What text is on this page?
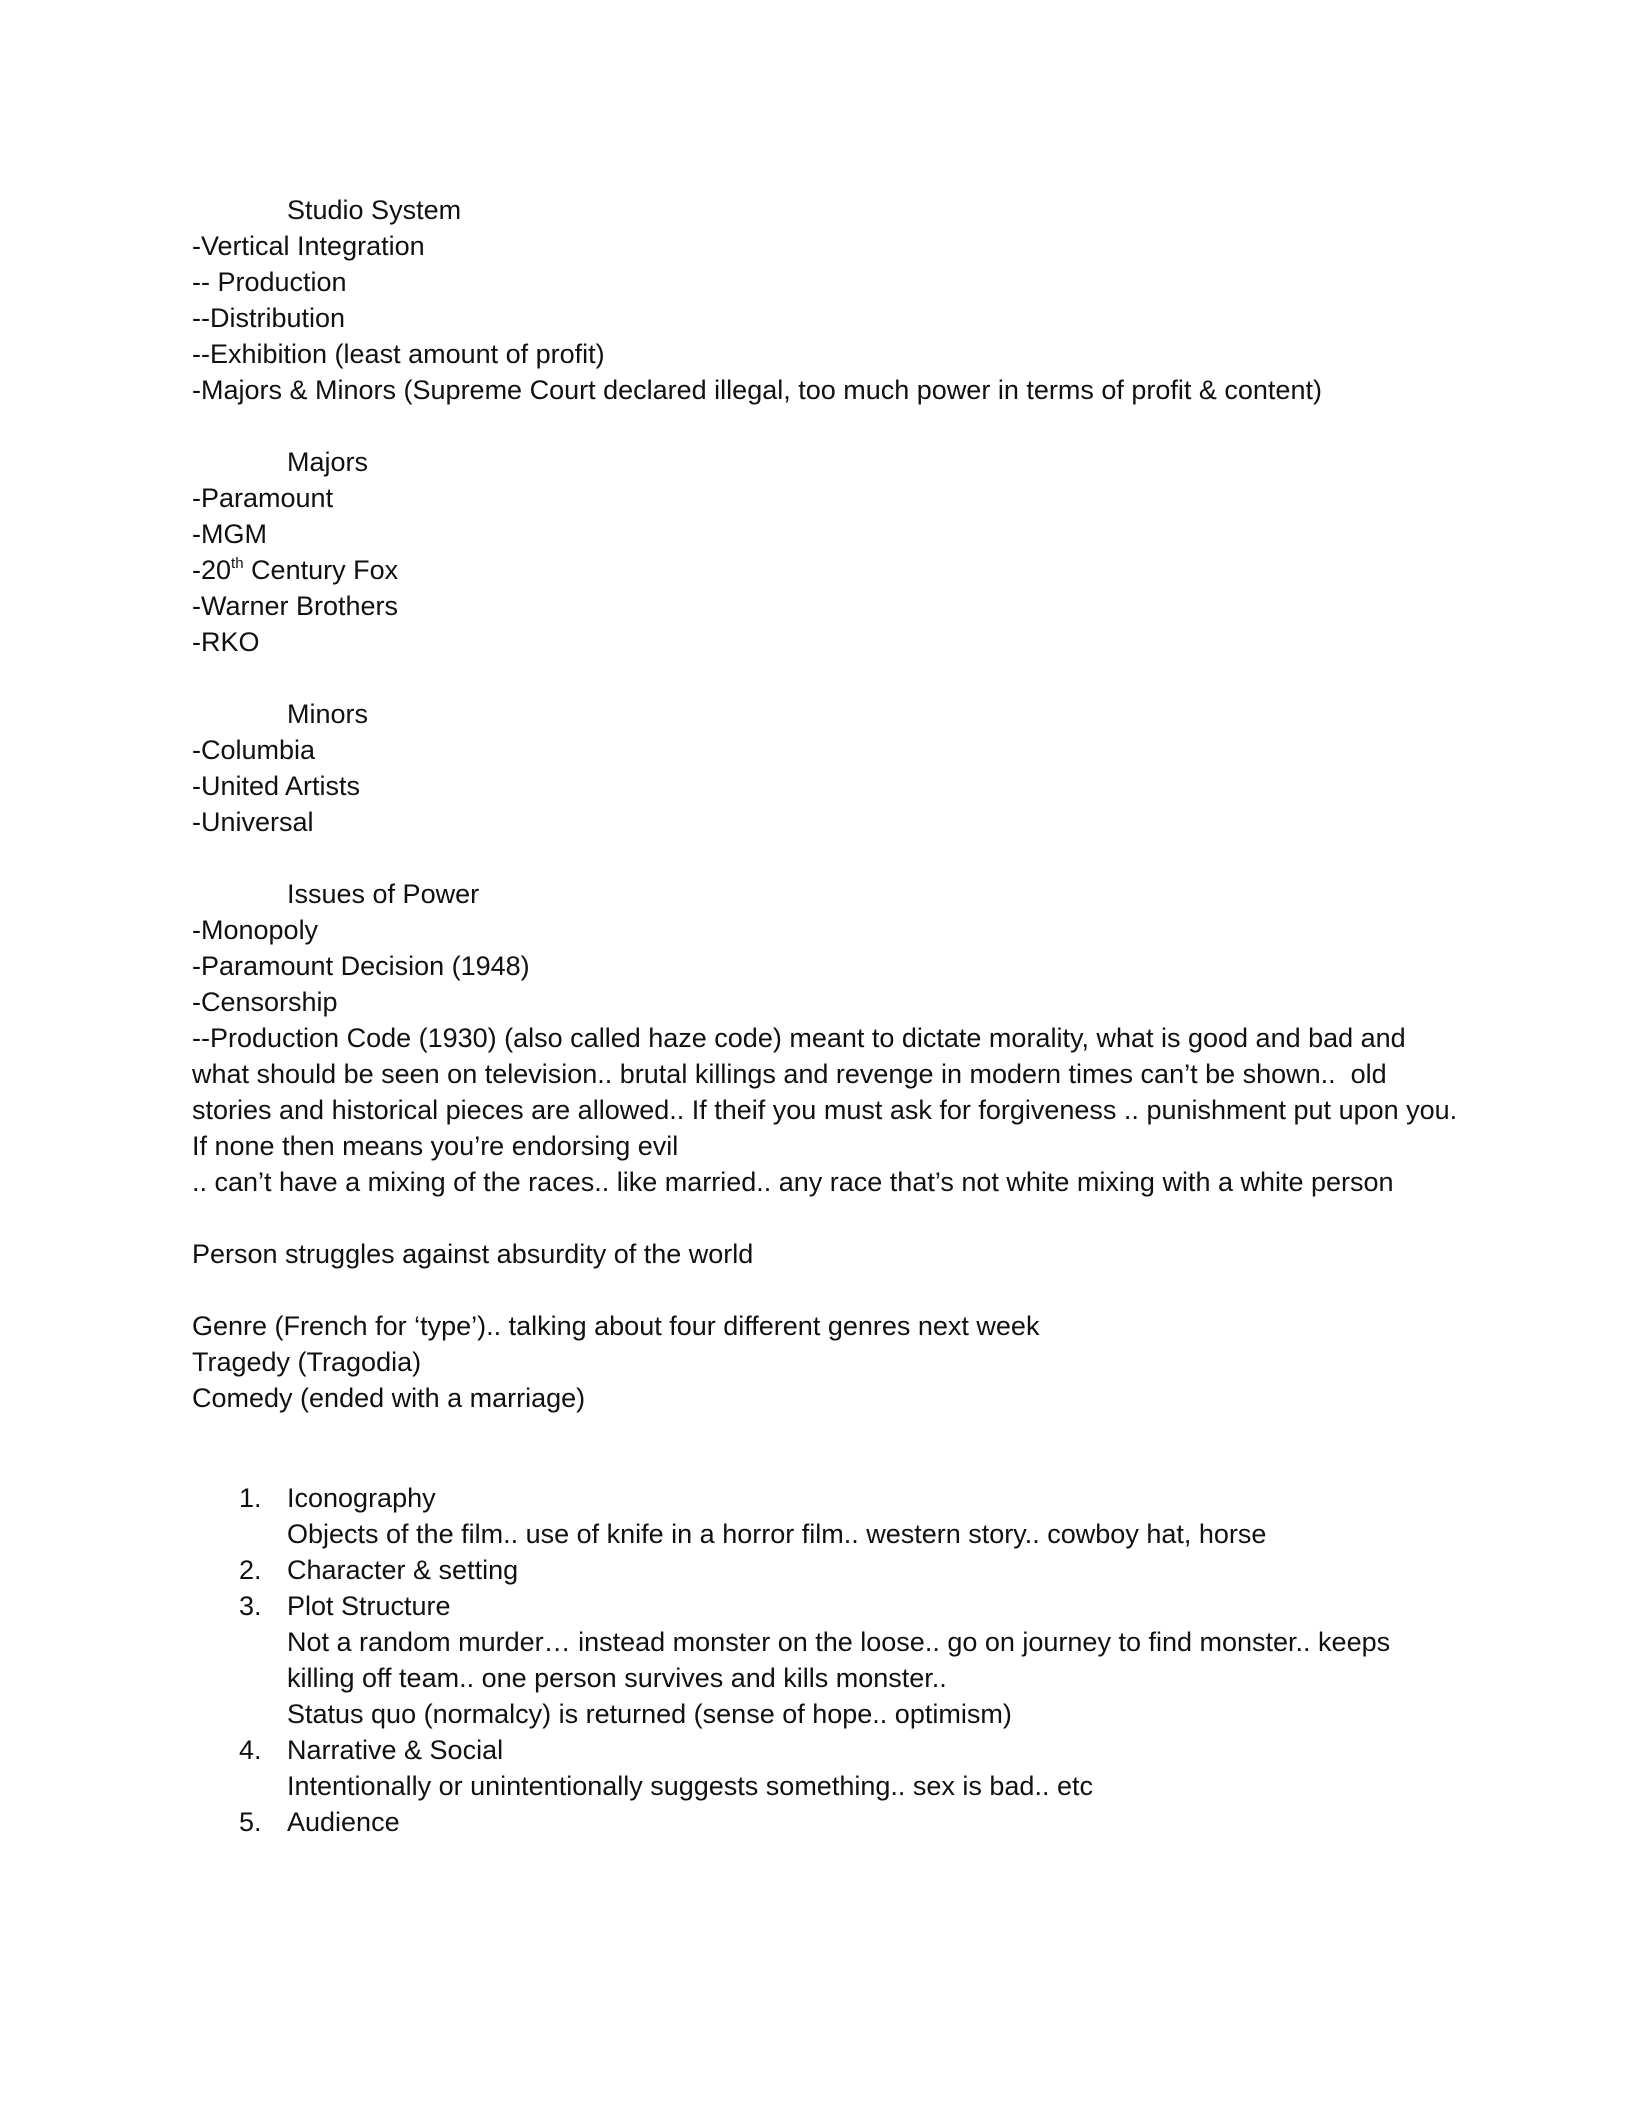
Studio System

-Vertical Integration

-- Production

--Distribution

--Exhibition (least amount of profit)

-Majors & Minors (Supreme Court declared illegal, too much power in terms of profit & content)

Majors

-Paramount

-MGM

-20th Century Fox

-Warner Brothers

-RKO

Minors

-Columbia

-United Artists

-Universal

Issues of Power

-Monopoly

-Paramount Decision (1948)

-Censorship

--Production Code (1930) (also called haze code) meant to dictate morality, what is good and bad and what should be seen on television.. brutal killings and revenge in modern times can’t be shown..  old stories and historical pieces are allowed.. If theif you must ask for forgiveness .. punishment put upon you. If none then means you’re endorsing evil

.. can’t have a mixing of the races.. like married.. any race that’s not white mixing with a white person

Person struggles against absurdity of the world

Genre (French for ‘type’).. talking about four different genres next week

Tragedy (Tragodia)

Comedy (ended with a marriage)

1. Iconography
Objects of the film.. use of knife in a horror film.. western story.. cowboy hat, horse
2. Character & setting
3. Plot Structure
Not a random murder… instead monster on the loose.. go on journey to find monster.. keeps killing off team.. one person survives and kills monster..
Status quo (normalcy) is returned (sense of hope.. optimism)
4. Narrative & Social
Intentionally or unintentionally suggests something.. sex is bad.. etc
5. Audience
